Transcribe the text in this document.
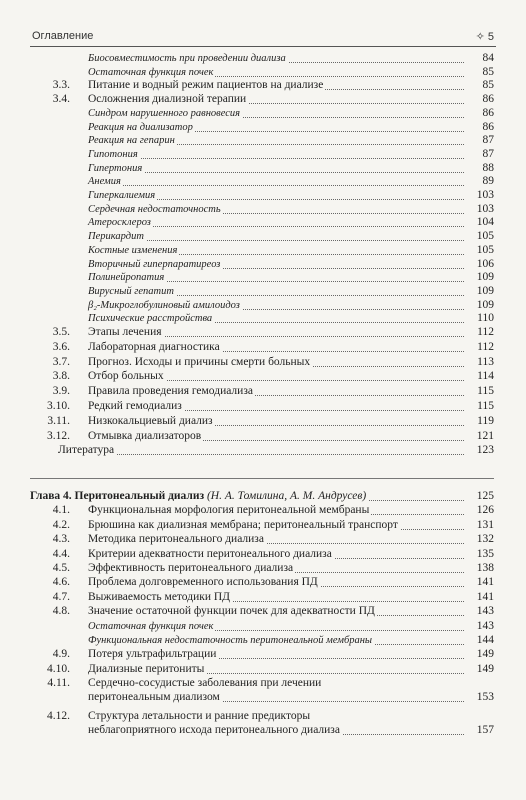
Оглавление	✧ 5
Биосовместимость при проведении диализа	84
Остаточная функция почек	85
3.3. Питание и водный режим пациентов на диализе	85
3.4. Осложнения диализной терапии	86
Синдром нарушенного равновесия	86
Реакция на диализатор	86
Реакция на гепарин	87
Гипотония	87
Гипертония	88
Анемия	89
Гиперкалиемия	103
Сердечная недостаточность	103
Атеросклероз	104
Перикардит	105
Костные изменения	105
Вторичный гиперпаратиреоз	106
Полинейропатия	109
Вирусный гепатит	109
β₂-Микроглобулиновый амилоидоз	109
Психические расстройства	110
3.5. Этапы лечения	112
3.6. Лабораторная диагностика	112
3.7. Прогноз. Исходы и причины смерти больных	113
3.8. Отбор больных	114
3.9. Правила проведения гемодиализа	115
3.10. Редкий гемодиализ	115
3.11. Низкокальциевый диализ	119
3.12. Отмывка диализаторов	121
Литература	123
Глава 4. Перитонеальный диализ (Н. А. Томилина, А. М. Андрусев)	125
4.1. Функциональная морфология перитонеальной мембраны	126
4.2. Брюшина как диализная мембрана; перитонеальный транспорт	131
4.3. Методика перитонеального диализа	132
4.4. Критерии адекватности перитонеального диализа	135
4.5. Эффективность перитонеального диализа	138
4.6. Проблема долговременного использования ПД	141
4.7. Выживаемость методики ПД	141
4.8. Значение остаточной функции почек для адекватности ПД	143
Остаточная функция почек	143
Функциональная недостаточность перитонеальной мембраны	144
4.9. Потеря ультрафильтрации	149
4.10. Диализные перитониты	149
4.11. Сердечно-сосудистые заболевания при лечении
перитонеальным диализом	153
4.12. Структура летальности и ранние предикторы
неблагоприятного исхода перитонеального диализа	157
